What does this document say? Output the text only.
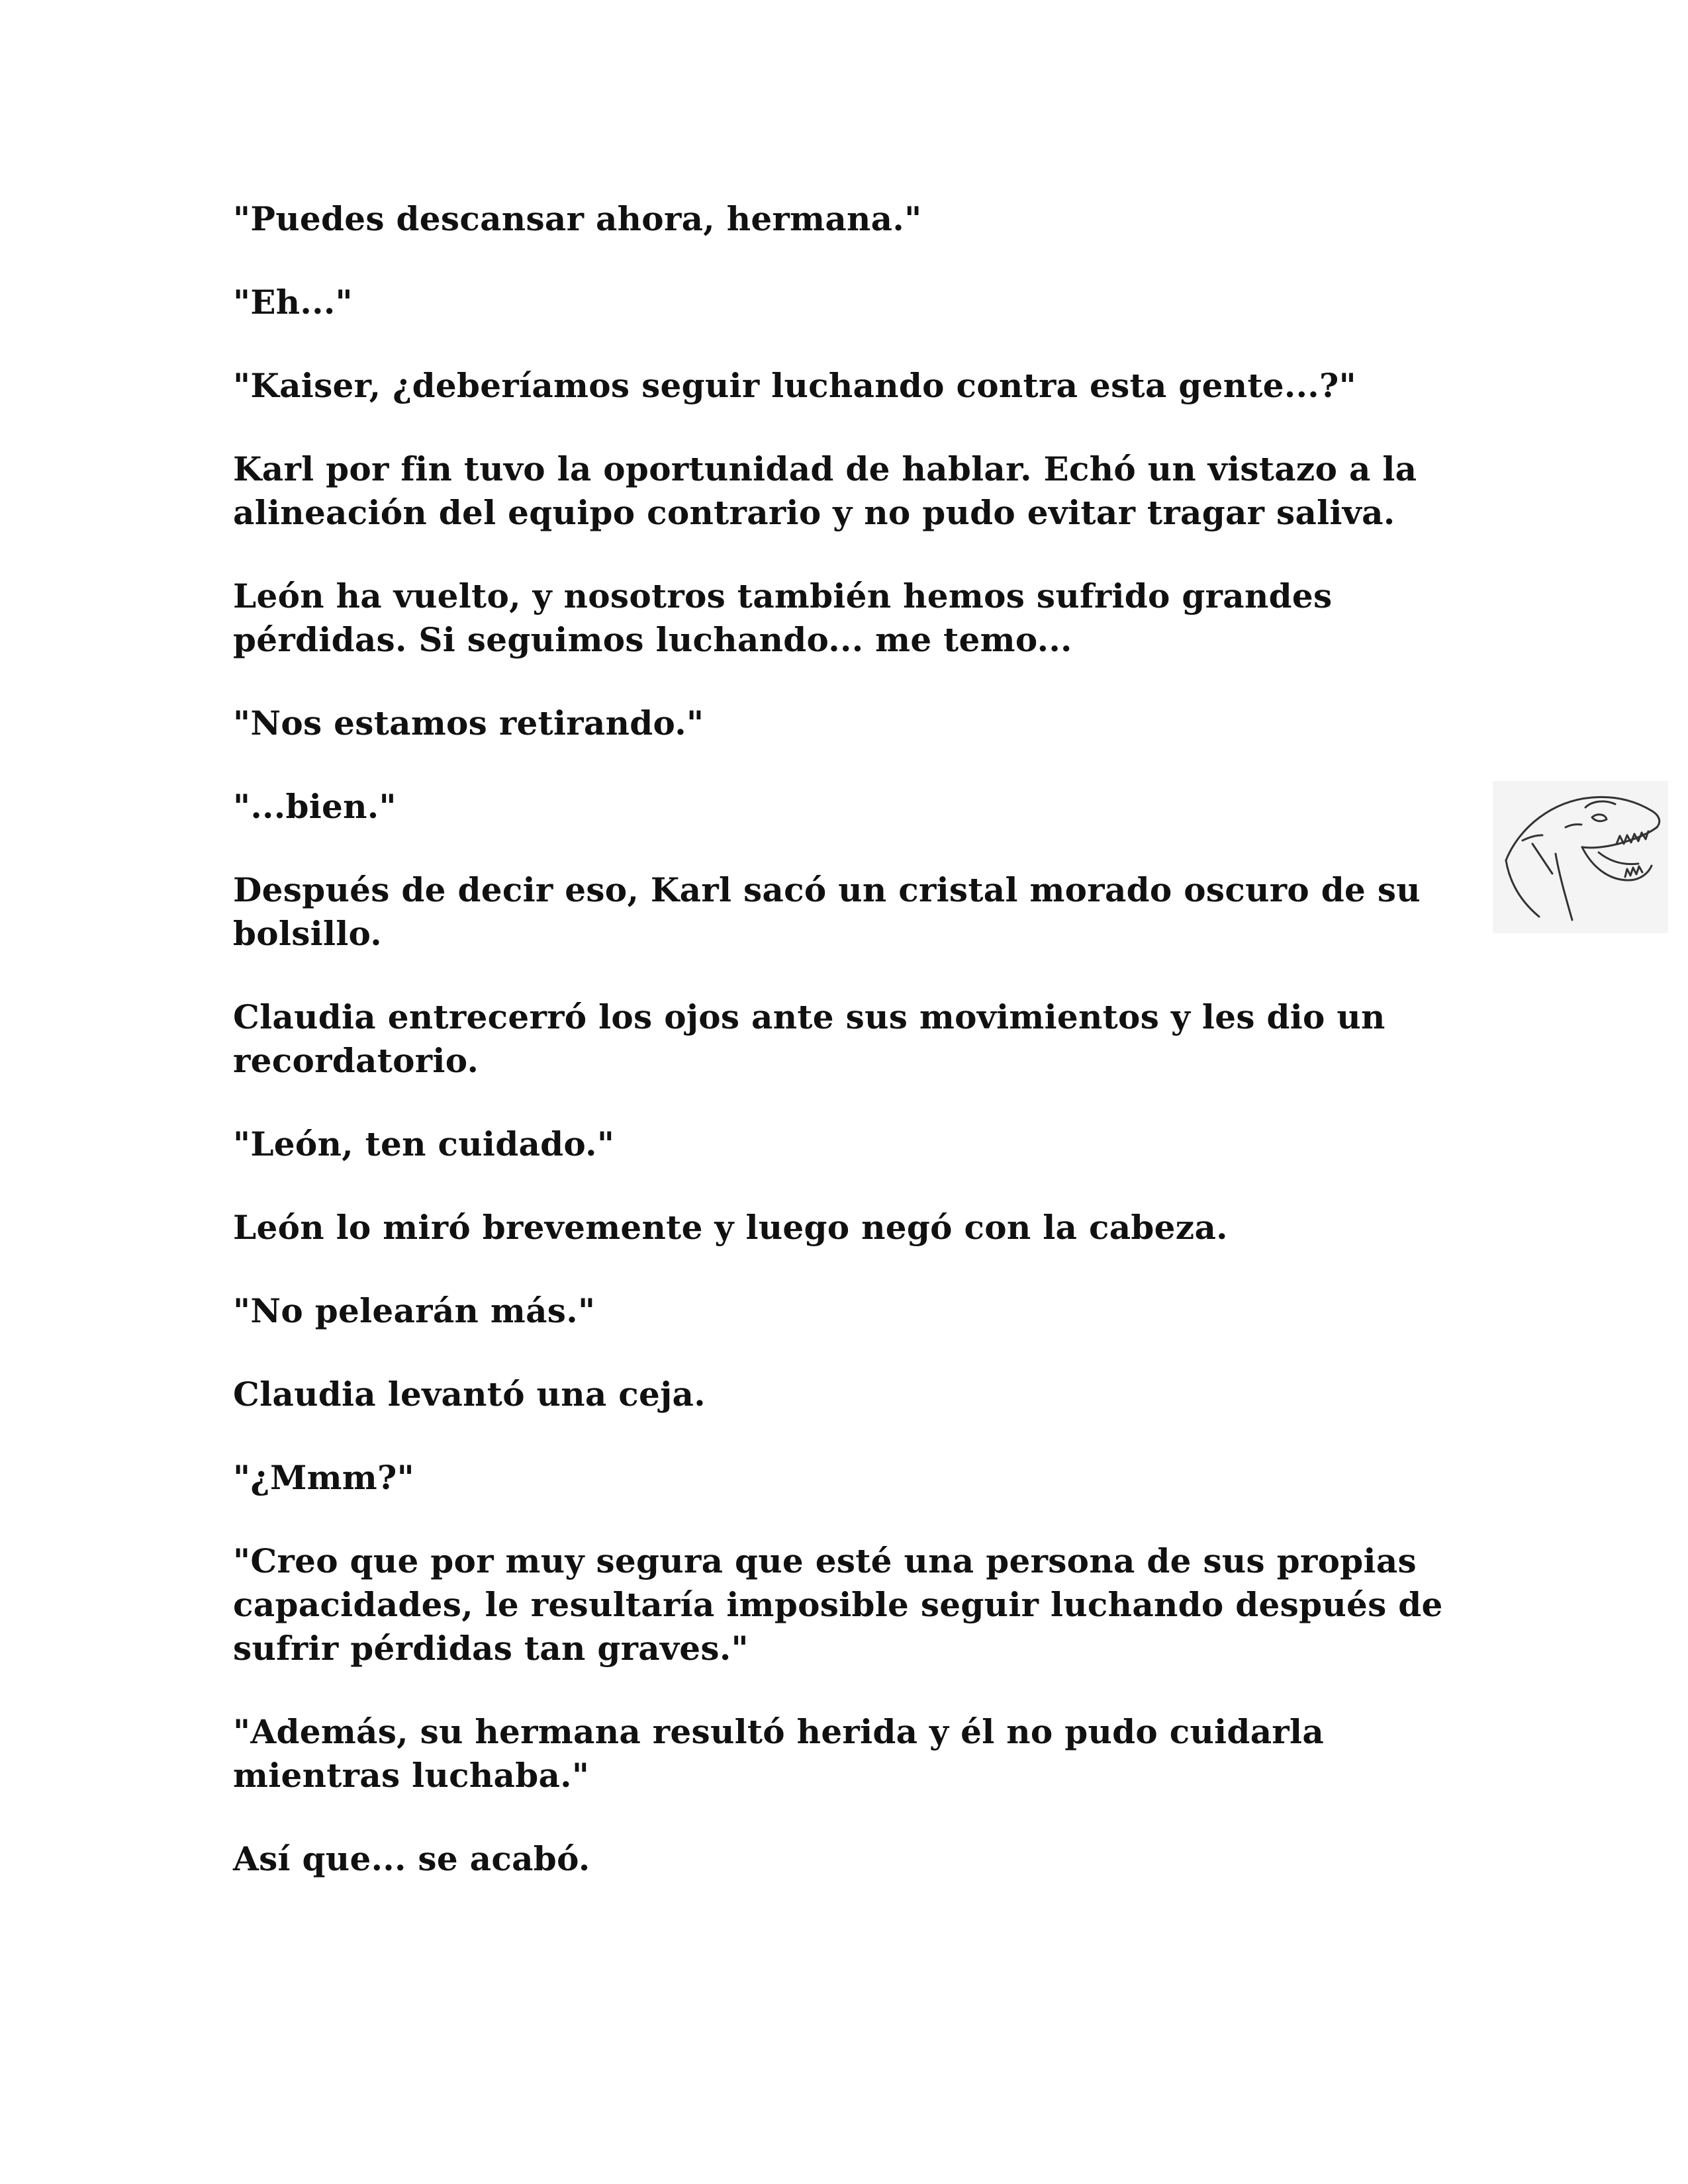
"Puedes descansar ahora, hermana."

"Eh..."

"Kaiser, ¿deberíamos seguir luchando contra esta gente...?"

Karl por fin tuvo la oportunidad de hablar. Echó un vistazo a la alineación del equipo contrario y no pudo evitar tragar saliva.

León ha vuelto, y nosotros también hemos sufrido grandes pérdidas. Si seguimos luchando... me temo...

"Nos estamos retirando."

"...bien."

Después de decir eso, Karl sacó un cristal morado oscuro de su bolsillo.

Claudia entrecerró los ojos ante sus movimientos y les dio un recordatorio.

"León, ten cuidado."

León lo miró brevemente y luego negó con la cabeza.

"No pelearán más."

Claudia levantó una ceja.

"¿Mmm?"

"Creo que por muy segura que esté una persona de sus propias capacidades, le resultaría imposible seguir luchando después de sufrir pérdidas tan graves."

"Además, su hermana resultó herida y él no pudo cuidarla mientras luchaba."

Así que... se acabó.
